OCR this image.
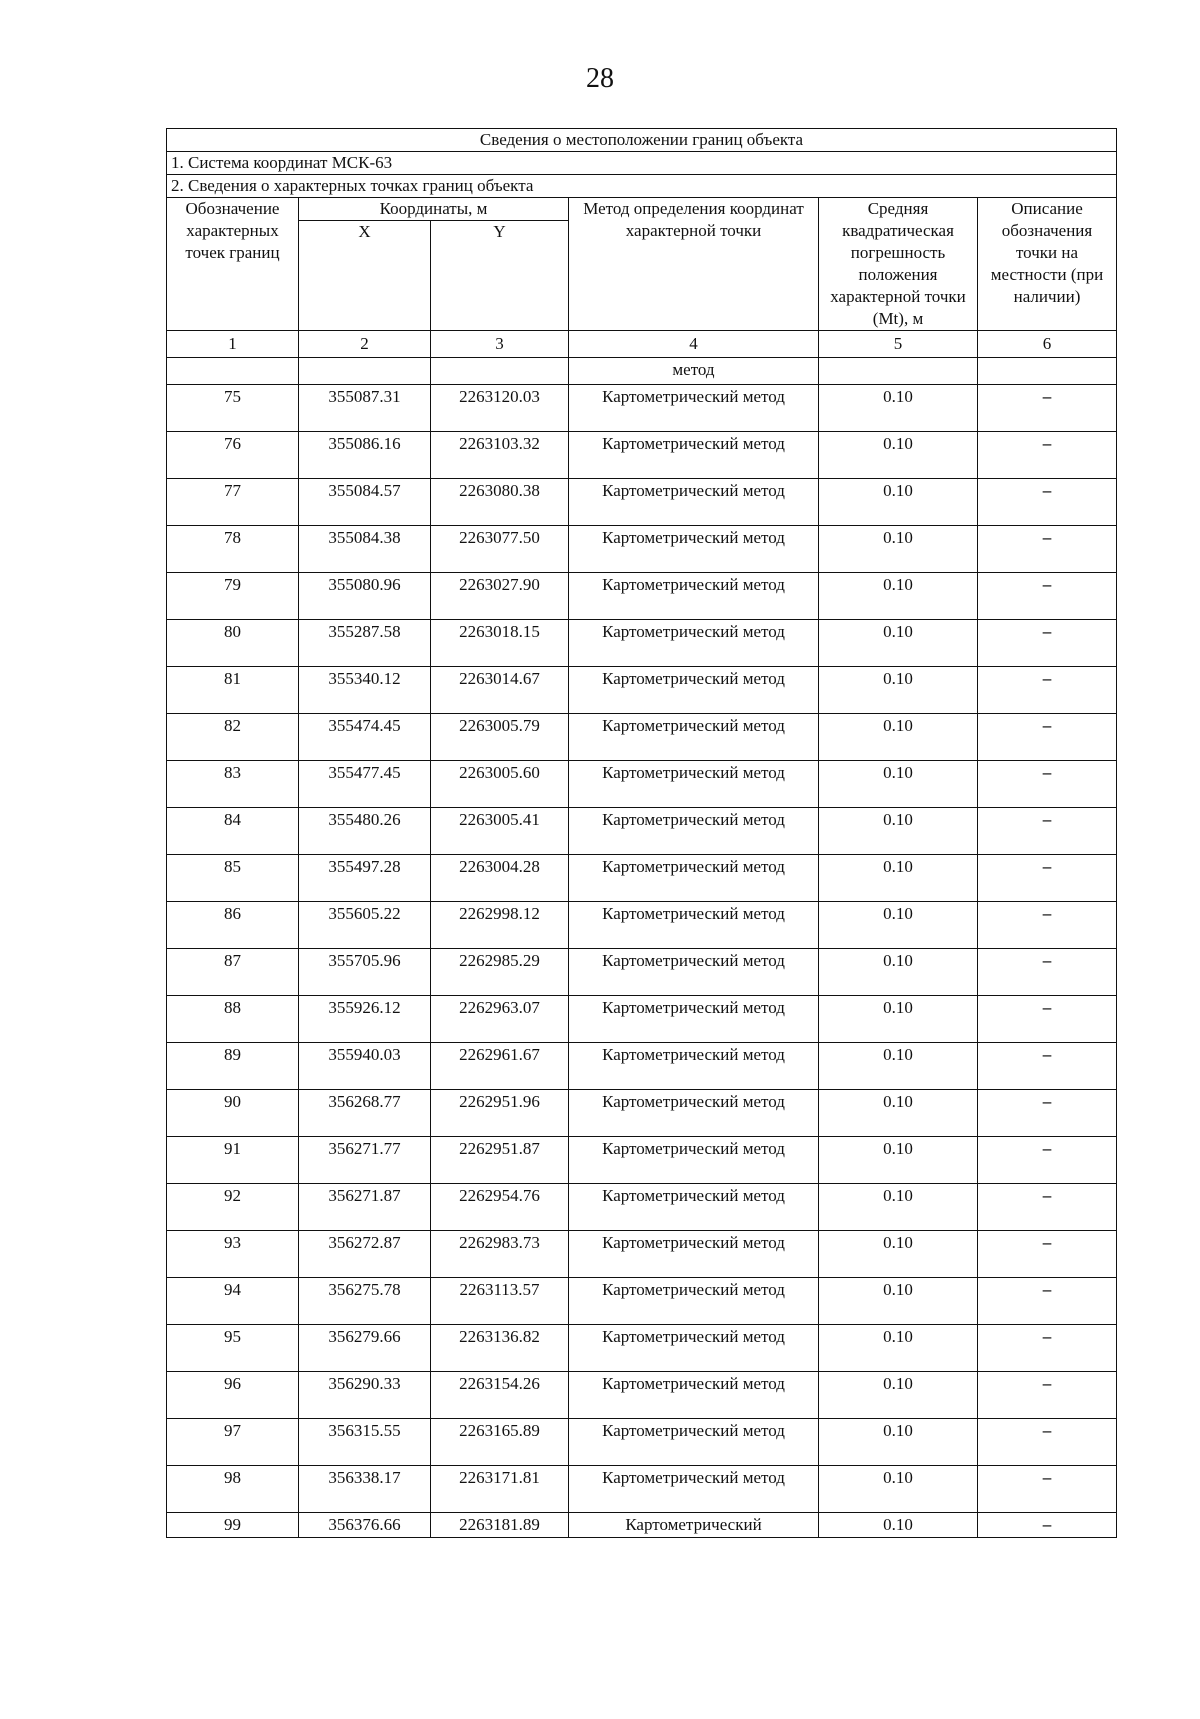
28
Сведения о местоположении границ объекта					
1. Система координат МСК-63					
2. Сведения о характерных точках границ объекта					
Обозначение характерных точек границ	Координаты, м		Метод определения координат характерной точки	Средняя квадратическая погрешность положения характерной точки (Mt), м	Описание обозначения точки на местности (при наличии)
	X	Y			
1	2	3	4	5	6
			метод		
75	355087.31	2263120.03	Картометрический метод	0.10	–
76	355086.16	2263103.32	Картометрический метод	0.10	–
77	355084.57	2263080.38	Картометрический метод	0.10	–
78	355084.38	2263077.50	Картометрический метод	0.10	–
79	355080.96	2263027.90	Картометрический метод	0.10	–
80	355287.58	2263018.15	Картометрический метод	0.10	–
81	355340.12	2263014.67	Картометрический метод	0.10	–
82	355474.45	2263005.79	Картометрический метод	0.10	–
83	355477.45	2263005.60	Картометрический метод	0.10	–
84	355480.26	2263005.41	Картометрический метод	0.10	–
85	355497.28	2263004.28	Картометрический метод	0.10	–
86	355605.22	2262998.12	Картометрический метод	0.10	–
87	355705.96	2262985.29	Картометрический метод	0.10	–
88	355926.12	2262963.07	Картометрический метод	0.10	–
89	355940.03	2262961.67	Картометрический метод	0.10	–
90	356268.77	2262951.96	Картометрический метод	0.10	–
91	356271.77	2262951.87	Картометрический метод	0.10	–
92	356271.87	2262954.76	Картометрический метод	0.10	–
93	356272.87	2262983.73	Картометрический метод	0.10	–
94	356275.78	2263113.57	Картометрический метод	0.10	–
95	356279.66	2263136.82	Картометрический метод	0.10	–
96	356290.33	2263154.26	Картометрический метод	0.10	–
97	356315.55	2263165.89	Картометрический метод	0.10	–
98	356338.17	2263171.81	Картометрический метод	0.10	–
99	356376.66	2263181.89	Картометрический	0.10	–
